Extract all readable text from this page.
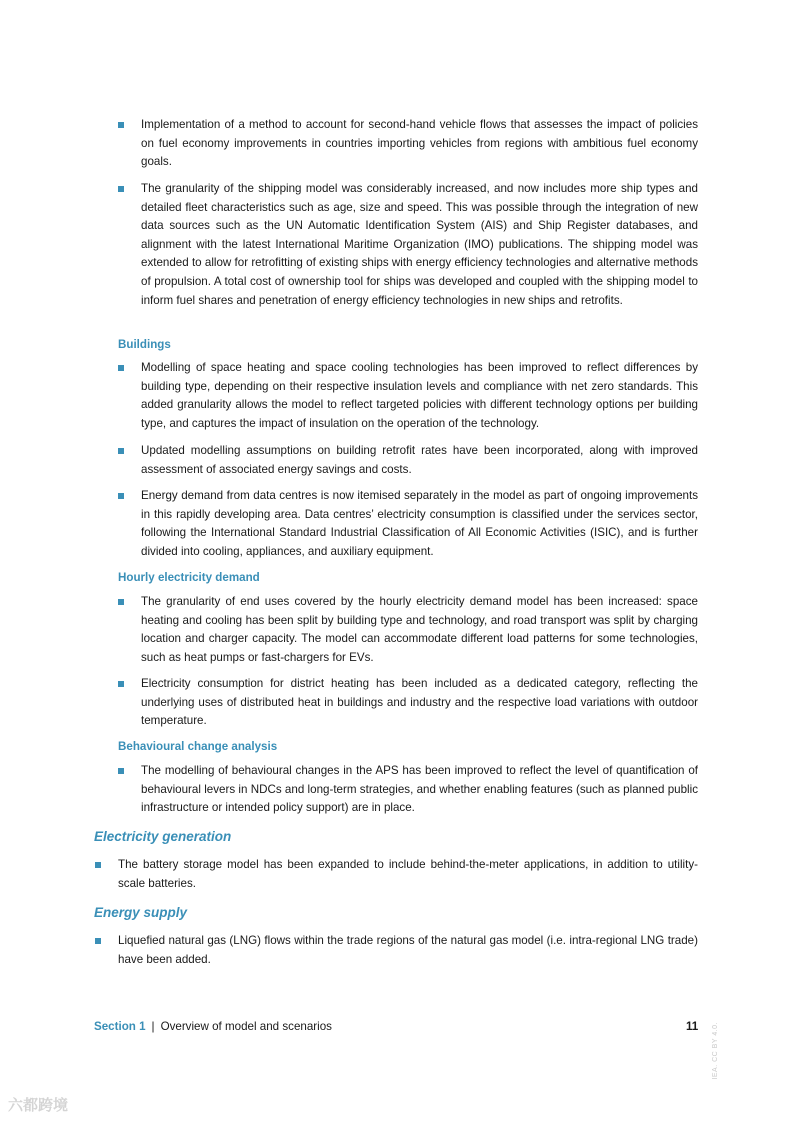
Implementation of a method to account for second-hand vehicle flows that assesses the impact of policies on fuel economy improvements in countries importing vehicles from regions with ambitious fuel economy goals.

The granularity of the shipping model was considerably increased, and now includes more ship types and detailed fleet characteristics such as age, size and speed. This was possible through the integration of new data sources such as the UN Automatic Identification System (AIS) and Ship Register databases, and alignment with the latest International Maritime Organization (IMO) publications. The shipping model was extended to allow for retrofitting of existing ships with energy efficiency technologies and alternative methods of propulsion. A total cost of ownership tool for ships was developed and coupled with the shipping model to inform fuel shares and penetration of energy efficiency technologies in new ships and retrofits.

Buildings

Modelling of space heating and space cooling technologies has been improved to reflect differences by building type, depending on their respective insulation levels and compliance with net zero standards. This added granularity allows the model to reflect targeted policies with different technology options per building type, and captures the impact of insulation on the operation of the technology.

Updated modelling assumptions on building retrofit rates have been incorporated, along with improved assessment of associated energy savings and costs.

Energy demand from data centres is now itemised separately in the model as part of ongoing improvements in this rapidly developing area. Data centres’ electricity consumption is classified under the services sector, following the International Standard Industrial Classification of All Economic Activities (ISIC), and is further divided into cooling, appliances, and auxiliary equipment.

Hourly electricity demand

The granularity of end uses covered by the hourly electricity demand model has been increased: space heating and cooling has been split by building type and technology, and road transport was split by charging location and charger capacity. The model can accommodate different load patterns for some technologies, such as heat pumps or fast-chargers for EVs.

Electricity consumption for district heating has been included as a dedicated category, reflecting the underlying uses of distributed heat in buildings and industry and the respective load variations with outdoor temperature.

Behavioural change analysis

The modelling of behavioural changes in the APS has been improved to reflect the level of quantification of behavioural levers in NDCs and long-term strategies, and whether enabling features (such as planned public infrastructure or intended policy support) are in place.

Electricity generation

The battery storage model has been expanded to include behind-the-meter applications, in addition to utility-scale batteries.

Energy supply

Liquefied natural gas (LNG) flows within the trade regions of the natural gas model (i.e. intra-regional LNG trade) have been added.

Section 1 | Overview of model and scenarios	11 IEA. CC BY 4.0.
六都跨境
